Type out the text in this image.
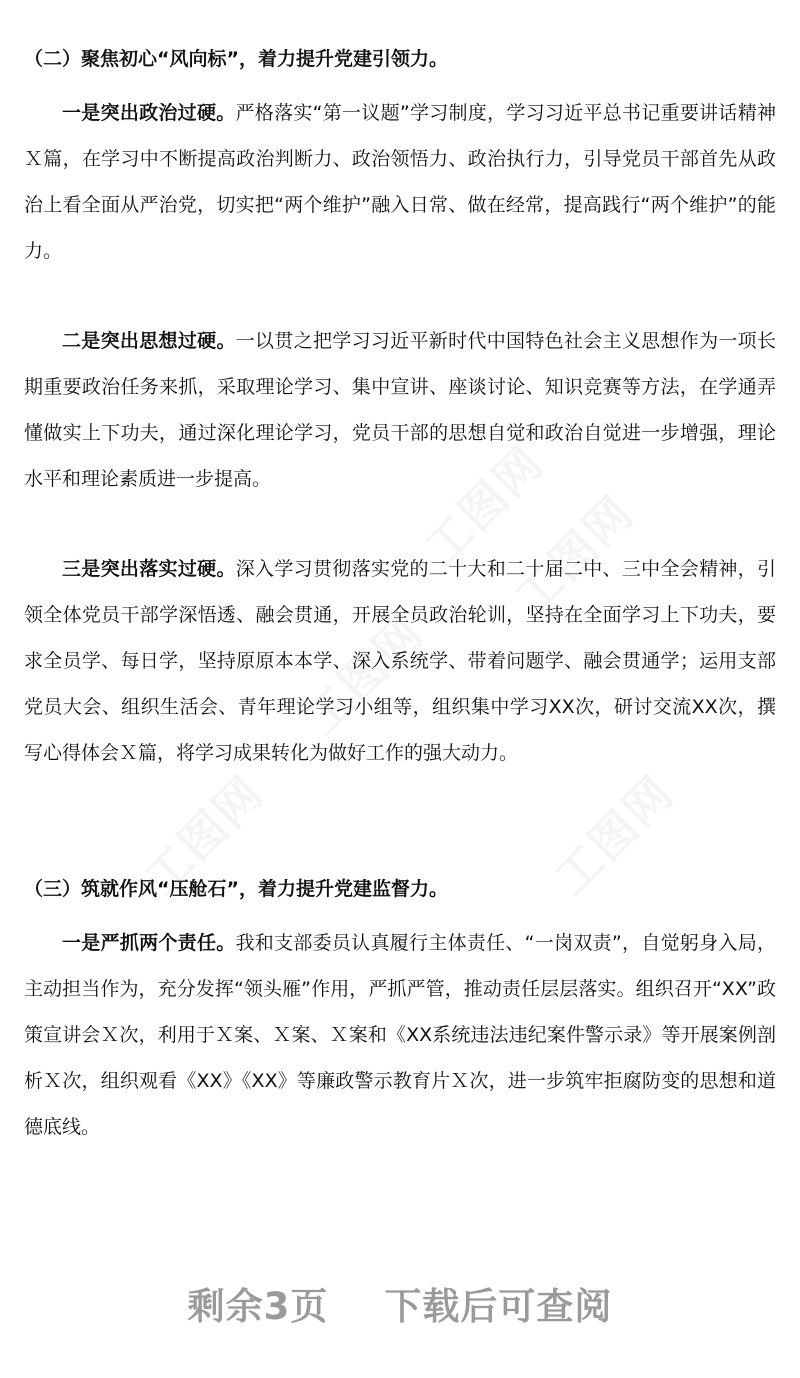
（二）聚焦初心“风向标”，着力提升党建引领力。

一是突出政治过硬。严格落实“第一议题”学习制度，学习习近平总书记重要讲话精神Ｘ篇，在学习中不断提高政治判断力、政治领悟力、政治执行力，引导党员干部首先从政治上看全面从严治党，切实把“两个维护”融入日常、做在经常，提高践行“两个维护”的能力。

二是突出思想过硬。一以贯之把学习习近平新时代中国特色社会主义思想作为一项长期重要政治任务来抓，采取理论学习、集中宣讲、座谈讨论、知识竞赛等方法，在学通弄懂做实上下功夫，通过深化理论学习，党员干部的思想自觉和政治自觉进一步增强，理论水平和理论素质进一步提高。

三是突出落实过硬。深入学习贯彻落实党的二十大和二十届二中、三中全会精神，引领全体党员干部学深悟透、融会贯通，开展全员政治轮训，坚持在全面学习上下功夫，要求全员学、每日学，坚持原原本本学、深入系统学、带着问题学、融会贯通学；运用支部党员大会、组织生活会、青年理论学习小组等，组织集中学习XX次，研讨交流XX次，撰写心得体会Ｘ篇，将学习成果转化为做好工作的强大动力。

（三）筑就作风“压舱石”，着力提升党建监督力。

一是严抓两个责任。我和支部委员认真履行主体责任、“一岗双责”，自觉躬身入局，主动担当作为，充分发挥“领头雁”作用，严抓严管，推动责任层层落实。组织召开“XX”政策宣讲会Ｘ次，利用于Ｘ案、Ｘ案、Ｘ案和《XX系统违法违纪案件警示录》等开展案例剖析Ｘ次，组织观看《XX》《XX》等廉政警示教育片Ｘ次，进一步筑牢拒腐防变的思想和道德底线。

剩余3页 下载后可查阅
